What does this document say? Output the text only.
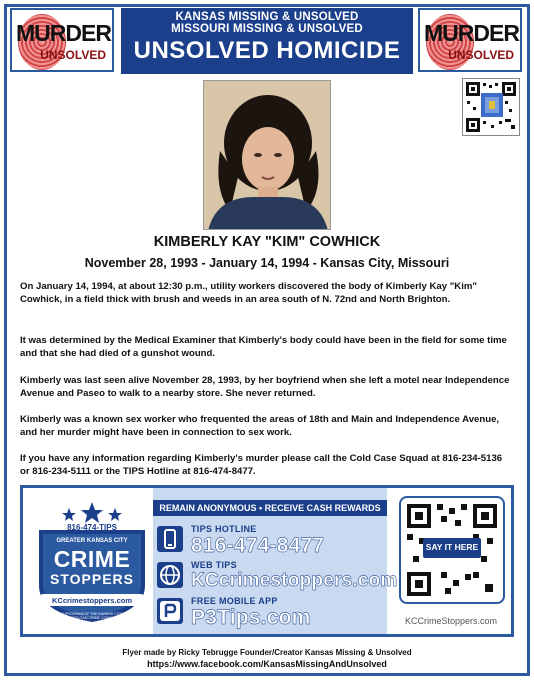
MURDER
UNSOLVED
KANSAS MISSING & UNSOLVED
MISSOURI MISSING & UNSOLVED
UNSOLVED HOMICIDE
MURDER
UNSOLVED
KIMBERLY KAY "KIM" COWHICK
November 28, 1993 - January 14, 1994 - Kansas City, Missouri
On January 14, 1994, at about 12:30 p.m., utility workers discovered the body of Kimberly Kay "Kim" Cowhick, in a field thick with brush and weeds in an area south of N. 72nd and North Brighton.
It was determined by the Medical Examiner that Kimberly's body could have been in the field for some time and that she had died of a gunshot wound.
Kimberly was last seen alive November 28, 1993, by her boyfriend when she left a motel near Independence Avenue and Paseo to walk to a nearby store. She never returned.
Kimberly was a known sex worker who frequented the areas of 18th and Main and Independence Avenue, and her murder might have been in connection to sex work.
If you have any information regarding Kimberly's murder please call the Cold Case Squad at 816-234-5136 or 816-234-5111 or the TIPS Hotline at 816-474-8477.
816-474-TIPS
GREATER KANSAS CITY
CRIME
STOPPERS
KCcrimestoppers.com
A PROGRAM OF THE KANSAS CITY METROPOLITAN CRIME COMMISSION
REMAIN ANONYMOUS • RECEIVE CASH REWARDS
TIPS HOTLINE
816-474-8477
WEB TIPS
KCcrimestoppers.com
FREE MOBILE APP
P3Tips.com
SAY IT HERE
KCCrimeStoppers.com
Flyer made by Ricky Tebrugge Founder/Creator Kansas Missing & Unsolved
https://www.facebook.com/KansasMissingAndUnsolved
